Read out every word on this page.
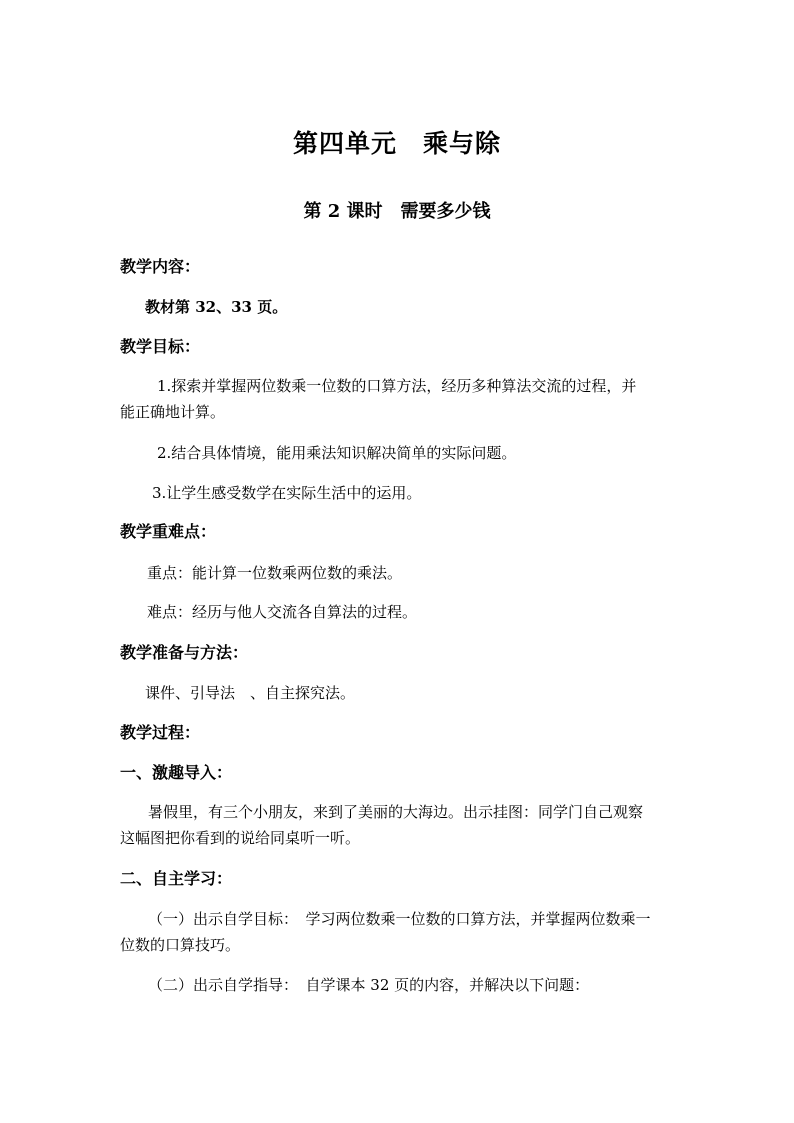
第四单元　乘与除
第 2 课时　需要多少钱
教学内容：
教材第 32、33 页。
教学目标：
1.探索并掌握两位数乘一位数的口算方法，经历多种算法交流的过程，并
能正确地计算。
2.结合具体情境，能用乘法知识解决简单的实际问题。
3.让学生感受数学在实际生活中的运用。
教学重难点：
重点：能计算一位数乘两位数的乘法。
难点：经历与他人交流各自算法的过程。
教学准备与方法：
课件、引导法　、自主探究法。
教学过程：
一、激趣导入：
暑假里，有三个小朋友，来到了美丽的大海边。出示挂图：同学门自己观察
这幅图把你看到的说给同桌听一听。
二、自主学习：
（一）出示自学目标：　学习两位数乘一位数的口算方法，并掌握两位数乘一
位数的口算技巧。
（二）出示自学指导：　自学课本 32 页的内容，并解决以下问题：
